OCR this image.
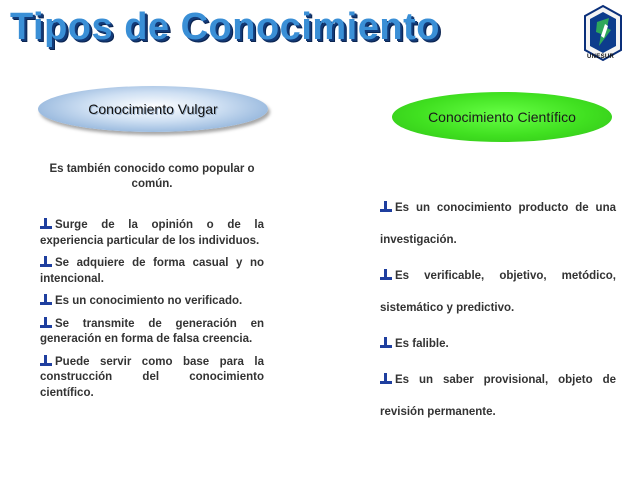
Tipos de Conocimiento
UNESUR
Conocimiento Vulgar	Conocimiento Científico
Es también conocido como popular o común.
Surge de la opinión o de la experiencia particular de los individuos.
Se adquiere de forma casual y no intencional.
Es un conocimiento no verificado.
Se transmite de generación en generación en forma de falsa creencia.
Puede servir como base para la construcción del conocimiento científico.
Es un conocimiento producto de una investigación.
Es verificable, objetivo, metódico, sistemático y predictivo.
Es falible.
Es un saber provisional, objeto de revisión permanente.
